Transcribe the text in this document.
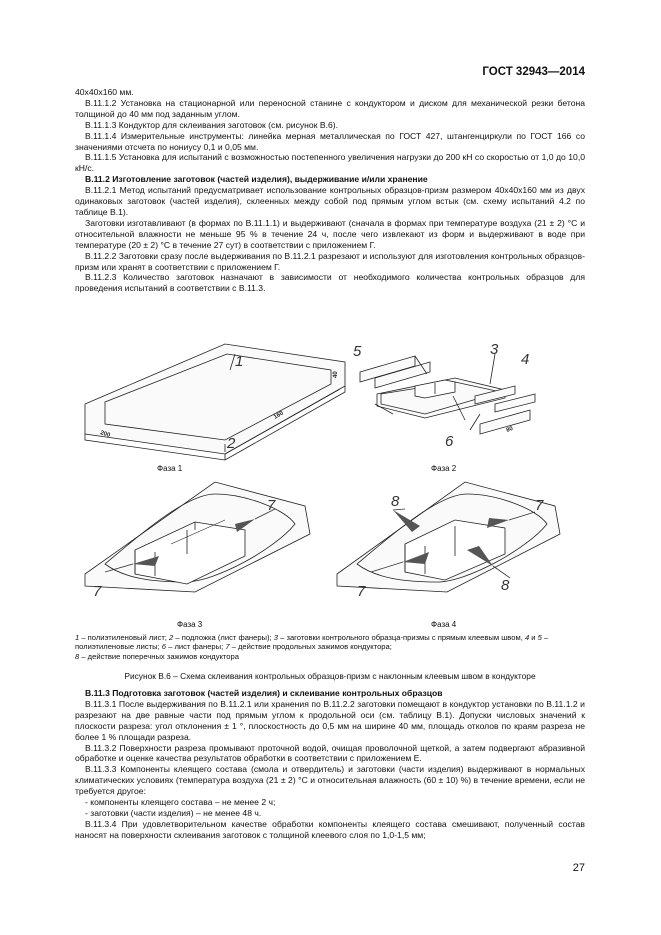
ГОСТ 32943—2014

40х40х160 мм.

В.11.1.2 Установка на стационарной или переносной станине с кондуктором и диском для механической резки бетона толщиной до 40 мм под заданным углом.

В.11.1.3 Кондуктор для склеивания заготовок (см. рисунок В.6).

В.11.1.4 Измерительные инструменты: линейка мерная металлическая по ГОСТ 427, штангенциркули по ГОСТ 166 со значениями отсчета по нониусу 0,1 и 0,05 мм.

В.11.1.5 Установка для испытаний с возможностью постепенного увеличения нагрузки до 200 кН со скоростью от 1,0 до 10,0 кН/с.

В.11.2 Изготовление заготовок (частей изделия), выдерживание и/или хранение

В.11.2.1 Метод испытаний предусматривает использование контрольных образцов-призм размером 40х40х160 мм из двух одинаковых заготовок (частей изделия), склеенных между собой под прямым углом встык (см. схему испытаний 4.2 по таблице В.1).

Заготовки изготавливают (в формах по В.11.1.1) и выдерживают (сначала в формах при температуре воздуха (21 ± 2) °С и относительной влажности не меньше 95 % в течение 24 ч, после чего извлекают из форм и выдерживают в воде при температуре (20 ± 2) °С в течение 27 сут) в соответствии с приложением Г.

В.11.2.2 Заготовки сразу после выдерживания по В.11.2.1 разрезают и используют для изготовления контрольных образцов-призм или хранят в соответствии с приложением Г.

В.11.2.3 Количество заготовок назначают в зависимости от необходимого количества контрольных образцов для проведения испытаний в соответствии с В.11.3.

1
2
3
4
5
6
7
7
7
7
8
8
40
160
200
80
Фаза 1	Фаза 2
Фаза 3	Фаза 4
1 – полиэтиленовый лист; 2 – подложка (лист фанеры); 3 – заготовки контрольного образца-призмы с прямым клеевым швом, 4 и 5 – полиэтиленовые листы; 6 – лист фанеры; 7 – действие продольных зажимов кондуктора;
8 – действие поперечных зажимов кондуктора
Рисунок В.6 – Схема склеивания контрольных образцов-призм с наклонным клеевым швом в кондукторе

В.11.3 Подготовка заготовок (частей изделия) и склеивание контрольных образцов

В.11.3.1 После выдерживания по В.11.2.1 или хранения по В.11.2.2 заготовки помещают в кондуктор установки по В.11.1.2 и разрезают на две равные части под прямым углом к продольной оси (см. таблицу В.1). Допуски числовых значений к плоскости разреза: угол отклонения ± 1 °, плоскостность до 0,5 мм на ширине 40 мм, площадь отколов по краям разреза не более 1 % площади разреза.

В.11.3.2 Поверхности разреза промывают проточной водой, очищая проволочной щеткой, а затем подвергают абразивной обработке и оценке качества результатов обработки в соответствии с приложением Е.

В.11.3.3 Компоненты клеящего состава (смола и отвердитель) и заготовки (части изделия) выдерживают в нормальных климатических условиях (температура воздуха (21 ± 2) °С и относительная влажность (60 ± 10) %) в течение времени, если не требуется другое:

- компоненты клеящего состава – не менее 2 ч;

- заготовки (части изделия) – не менее 48 ч.

В.11.3.4 При удовлетворительном качестве обработки компоненты клеящего состава смешивают, полученный состав наносят на поверхности склеивания заготовок с толщиной клеевого слоя по 1,0-1,5 мм;

27
